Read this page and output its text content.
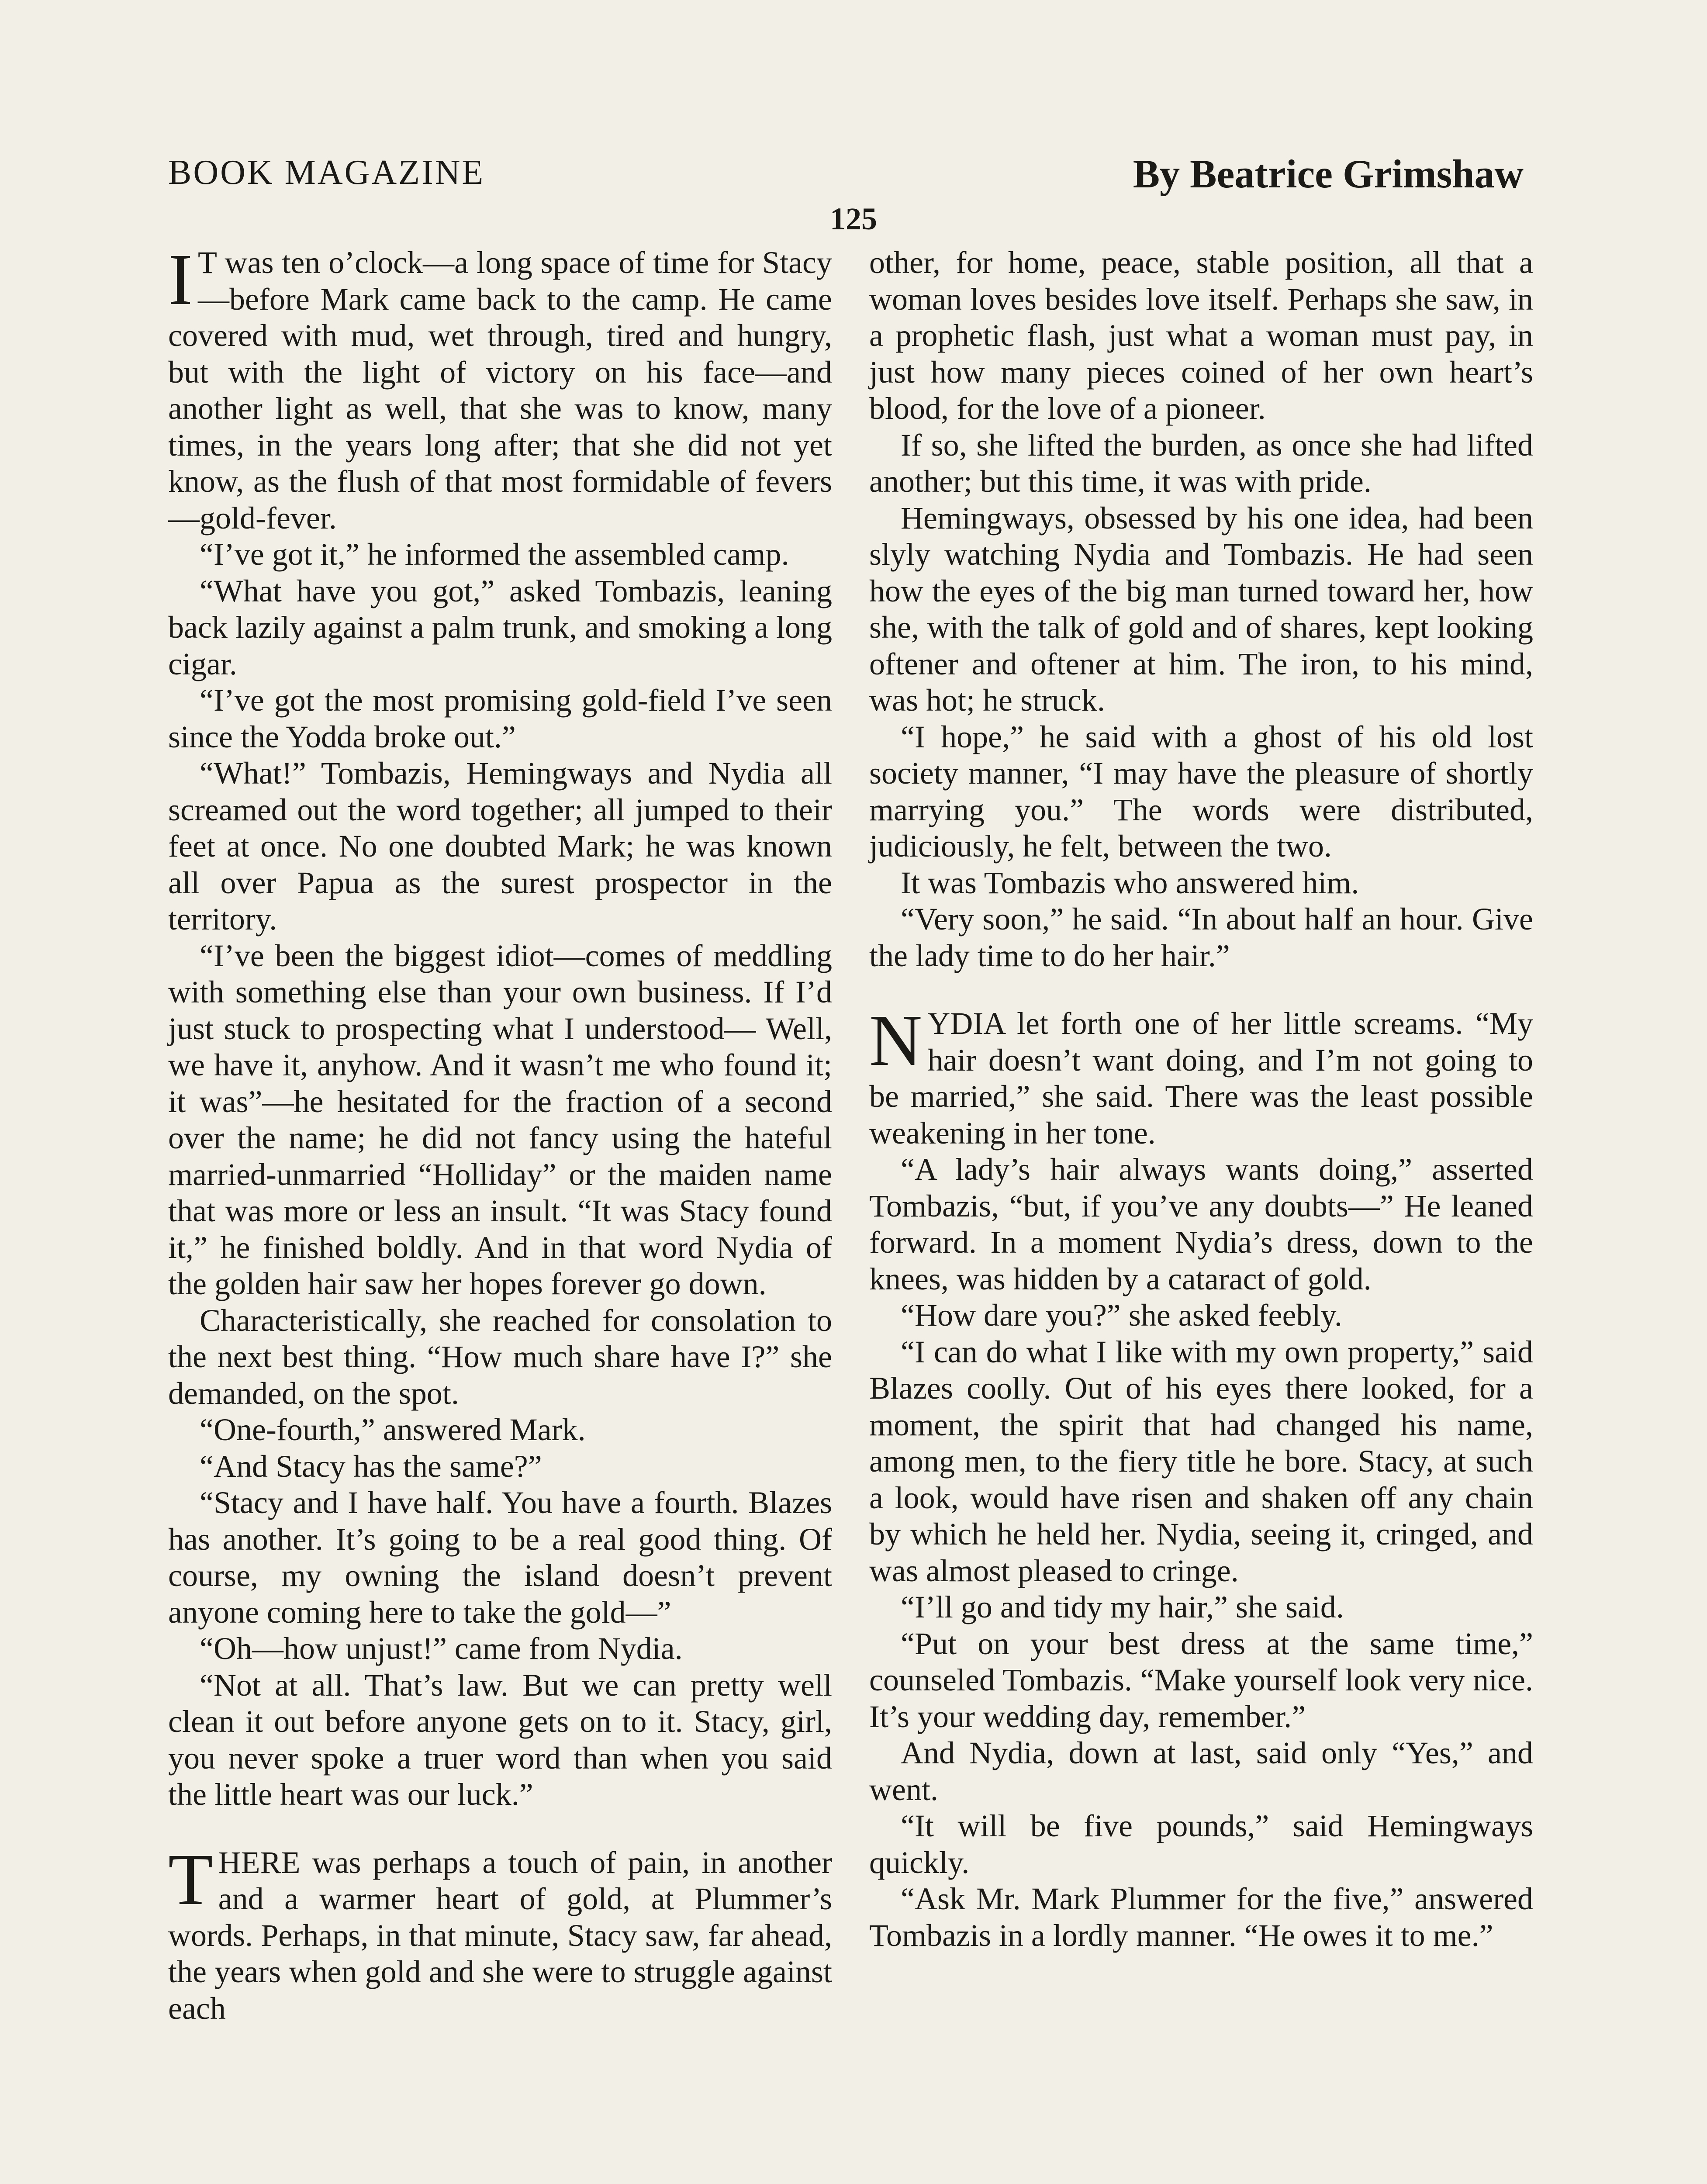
BOOK MAGAZINE	By Beatrice Grimshaw
125

I T was ten o’clock—a long space of time for Stacy—before Mark came back to the camp. He came covered with mud, wet through, tired and hungry, but with the light of victory on his face—and another light as well, that she was to know, many times, in the years long after; that she did not yet know, as the flush of that most formidable of fevers—gold-fever.

“I’ve got it,” he informed the assembled camp.

“What have you got,” asked Tombazis, leaning back lazily against a palm trunk, and smoking a long cigar.

“I’ve got the most promising gold-field I’ve seen since the Yodda broke out.”

“What!” Tombazis, Hemingways and Nydia all screamed out the word together; all jumped to their feet at once. No one doubted Mark; he was known all over Papua as the surest prospector in the territory.

“I’ve been the biggest idiot—comes of meddling with something else than your own business. If I’d just stuck to prospecting what I understood— Well, we have it, anyhow. And it wasn’t me who found it; it was”—he hesitated for the fraction of a second over the name; he did not fancy using the hateful married-unmarried “Holliday” or the maiden name that was more or less an insult. “It was Stacy found it,” he finished boldly. And in that word Nydia of the golden hair saw her hopes forever go down.

Characteristically, she reached for consolation to the next best thing. “How much share have I?” she demanded, on the spot.

“One-fourth,” answered Mark.

“And Stacy has the same?”

“Stacy and I have half. You have a fourth. Blazes has another. It’s going to be a real good thing. Of course, my owning the island doesn’t prevent anyone coming here to take the gold—”

“Oh—how unjust!” came from Nydia.

“Not at all. That’s law. But we can pretty well clean it out before anyone gets on to it. Stacy, girl, you never spoke a truer word than when you said the little heart was our luck.”

THERE was perhaps a touch of pain, in another and a warmer heart of gold, at Plummer’s words. Perhaps, in that minute, Stacy saw, far ahead, the years when gold and she were to struggle against each

other, for home, peace, stable position, all that a woman loves besides love itself. Perhaps she saw, in a prophetic flash, just what a woman must pay, in just how many pieces coined of her own heart’s blood, for the love of a pioneer.

If so, she lifted the burden, as once she had lifted another; but this time, it was with pride.

Hemingways, obsessed by his one idea, had been slyly watching Nydia and Tombazis. He had seen how the eyes of the big man turned toward her, how she, with the talk of gold and of shares, kept looking oftener and oftener at him. The iron, to his mind, was hot; he struck.

“I hope,” he said with a ghost of his old lost society manner, “I may have the pleasure of shortly marrying you.” The words were distributed, judiciously, he felt, between the two.

It was Tombazis who answered him.

“Very soon,” he said. “In about half an hour. Give the lady time to do her hair.”

NYDIA let forth one of her little screams. “My hair doesn’t want doing, and I’m not going to be married,” she said. There was the least possible weakening in her tone.

“A lady’s hair always wants doing,” asserted Tombazis, “but, if you’ve any doubts—” He leaned forward. In a moment Nydia’s dress, down to the knees, was hidden by a cataract of gold.

“How dare you?” she asked feebly.

“I can do what I like with my own property,” said Blazes coolly. Out of his eyes there looked, for a moment, the spirit that had changed his name, among men, to the fiery title he bore. Stacy, at such a look, would have risen and shaken off any chain by which he held her. Nydia, seeing it, cringed, and was almost pleased to cringe.

“I’ll go and tidy my hair,” she said.

“Put on your best dress at the same time,” counseled Tombazis. “Make yourself look very nice. It’s your wedding day, remember.”

And Nydia, down at last, said only “Yes,” and went.

“It will be five pounds,” said Hemingways quickly.

“Ask Mr. Mark Plummer for the five,” answered Tombazis in a lordly manner. “He owes it to me.”
